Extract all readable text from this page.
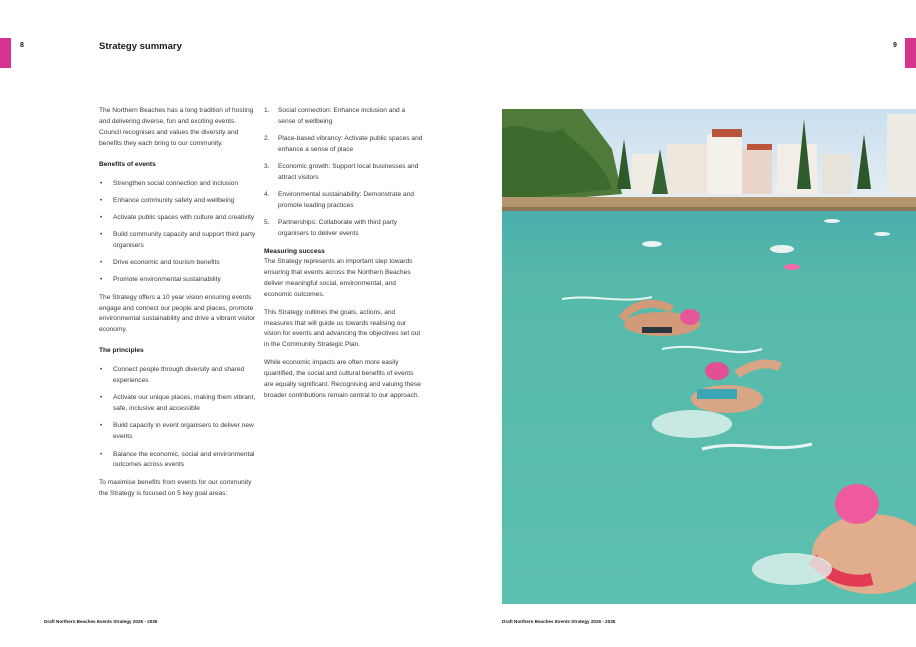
8	Strategy summary

The Northern Beaches has a long tradition of hosting and delivering diverse, fun and exciting events. Council recognises and values the diversity and benefits they each bring to our community.

Benefits of events
• Strengthen social connection and inclusion
• Enhance community safety and wellbeing
• Activate public spaces with culture and creativity
• Build community capacity and support third party organisers
• Drive economic and tourism benefits
• Promote environmental sustainability

The Strategy offers a 10 year vision ensuring events engage and connect our people and places, promote environmental sustainability and drive a vibrant visitor economy.

The principles
• Connect people through diversity and shared experiences
• Activate our unique places, making them vibrant, safe, inclusive and accessible
• Build capacity in event organisers to deliver new events
• Balance the economic, social and environmental outcomes across events

To maximise benefits from events for our community the Strategy is focused on 5 key goal areas:

1. Social connection: Enhance inclusion and a sense of wellbeing
2. Place-based vibrancy: Activate public spaces and enhance a sense of place
3. Economic growth: Support local businesses and attract visitors
4. Environmental sustainability: Demonstrate and promote leading practices
5. Partnerships: Collaborate with third party organisers to deliver events
Measuring success

The Strategy represents an important step towards ensuring that events across the Northern Beaches deliver meaningful social, environmental, and economic outcomes.

This Strategy outlines the goals, actions, and measures that will guide us towards realising our vision for events and advancing the objectives set out in the Community Strategic Plan.

While economic impacts are often more easily quantified, the social and cultural benefits of events are equally significant. Recognising and valuing these broader contributions remain central to our approach.

Draft Northern Beaches Events Strategy 2026 - 2035
9
Draft Northern Beaches Events Strategy 2026 - 2035
